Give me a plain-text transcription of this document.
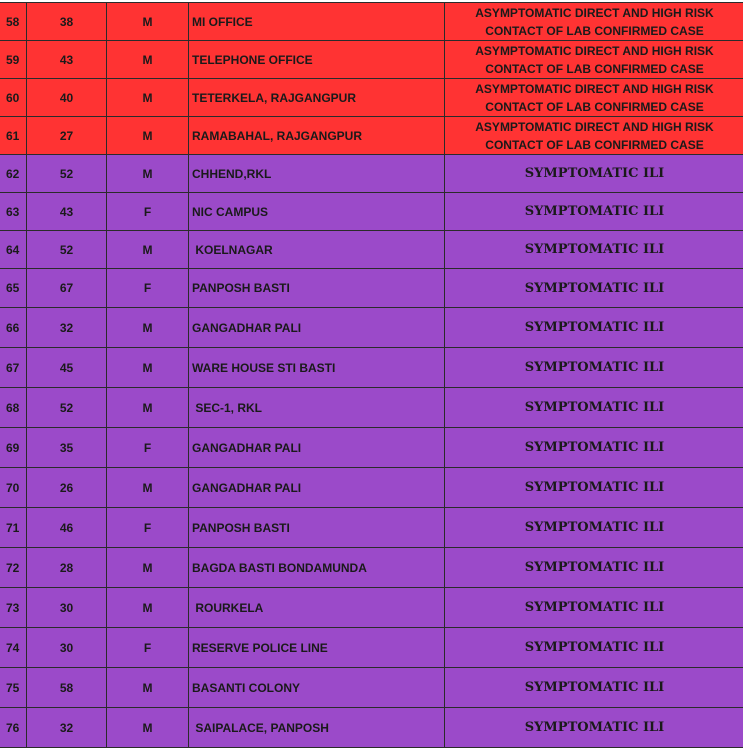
58	38	M	MI OFFICE	ASYMPTOMATIC DIRECT AND HIGH RISK CONTACT OF LAB CONFIRMED CASE
59	43	M	TELEPHONE OFFICE	ASYMPTOMATIC DIRECT AND HIGH RISK CONTACT OF LAB CONFIRMED CASE
60	40	M	TETERKELA, RAJGANGPUR	ASYMPTOMATIC DIRECT AND HIGH RISK CONTACT OF LAB CONFIRMED CASE
61	27	M	RAMABAHAL, RAJGANGPUR	ASYMPTOMATIC DIRECT AND HIGH RISK CONTACT OF LAB CONFIRMED CASE
62	52	M	CHHEND,RKL	SYMPTOMATIC ILI
63	43	F	NIC CAMPUS	SYMPTOMATIC ILI
64	52	M	KOELNAGAR	SYMPTOMATIC ILI
65	67	F	PANPOSH BASTI	SYMPTOMATIC ILI
66	32	M	GANGADHAR PALI	SYMPTOMATIC ILI
67	45	M	WARE HOUSE STI BASTI	SYMPTOMATIC ILI
68	52	M	SEC-1, RKL	SYMPTOMATIC ILI
69	35	F	GANGADHAR PALI	SYMPTOMATIC ILI
70	26	M	GANGADHAR PALI	SYMPTOMATIC ILI
71	46	F	PANPOSH BASTI	SYMPTOMATIC ILI
72	28	M	BAGDA BASTI BONDAMUNDA	SYMPTOMATIC ILI
73	30	M	ROURKELA	SYMPTOMATIC ILI
74	30	F	RESERVE POLICE LINE	SYMPTOMATIC ILI
75	58	M	BASANTI COLONY	SYMPTOMATIC ILI
76	32	M	SAIPALACE, PANPOSH	SYMPTOMATIC ILI
